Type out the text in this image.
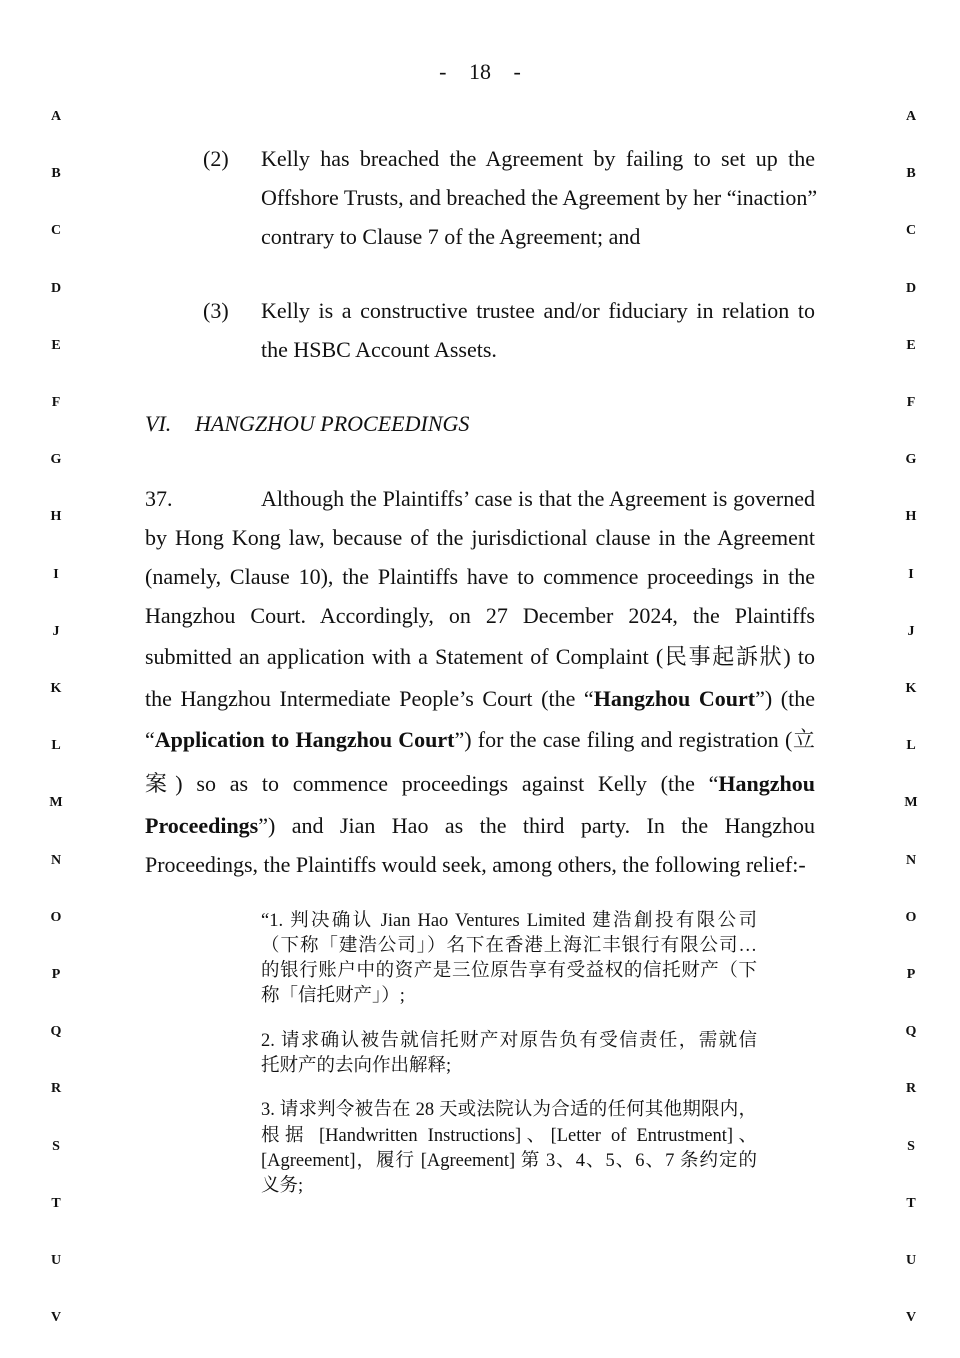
- 18 -
(2) Kelly has breached the Agreement by failing to set up the
Offshore Trusts, and breached the Agreement by her “inaction”
contrary to Clause 7 of the Agreement; and
(3) Kelly is a constructive trustee and/or fiduciary in relation to
the HSBC Account Assets.
VI. HANGZHOU PROCEEDINGS
37.	Although the Plaintiffs’ case is that the Agreement is governed
by Hong Kong law, because of the jurisdictional clause in the Agreement
(namely, Clause 10), the Plaintiffs have to commence proceedings in the
Hangzhou Court. Accordingly, on 27 December 2024, the Plaintiffs
submitted an application with a Statement of Complaint (民事起訴狀) to
the Hangzhou Intermediate People’s Court (the “Hangzhou Court”) (the
“Application to Hangzhou Court”) for the case filing and registration (立
案) so as to commence proceedings against Kelly (the “Hangzhou
Proceedings”) and Jian Hao as the third party. In the Hangzhou
Proceedings, the Plaintiffs would seek, among others, the following relief:-
“1. 判决确认 Jian Hao Ventures Limited 建浩創投有限公司
（下称「建浩公司」）名下在香港上海汇丰银行有限公司…
的银行账户中的资产是三位原告享有受益权的信托财产（下
称「信托财产」）;
2. 请求确认被告就信托财产对原告负有受信责任，需就信
托财产的去向作出解释;
3. 请求判令被告在 28 天或法院认为合适的任何其他期限内，
根据 [Handwritten Instructions]、[Letter of Entrustment]、
[Agreement]，履行 [Agreement] 第 3、4、5、6、7 条约定的
义务;
A	A
B	B
C	C
D	D
E	E
F	F
G	G
H	H
I	I
J	J
K	K
L	L
M	M
N	N
O	O
P	P
Q	Q
R	R
S	S
T	T
U	U
V	V
